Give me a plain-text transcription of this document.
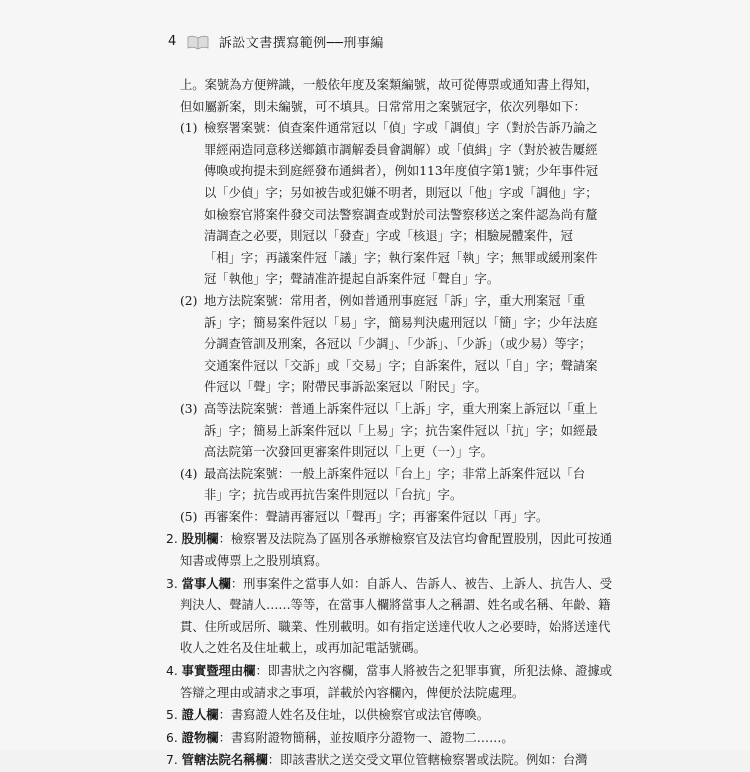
4	訴訟文書撰寫範例──刑事編

上。案號為方便辨識，一般依年度及案類編號，故可從傳票或通知書上得知，但如屬新案，則未編號，可不填具。日常常用之案號冠字，依次列舉如下：

(1) 檢察署案號：偵查案件通常冠以「偵」字或「調偵」字（對於告訴乃論之罪經兩造同意移送鄉鎮市調解委員會調解）或「偵緝」字（對於被告屢經傳喚或拘提未到庭經發布通緝者），例如113年度偵字第1號；少年事件冠以「少偵」字；另如被告或犯嫌不明者，則冠以「他」字或「調他」字；如檢察官將案件發交司法警察調查或對於司法警察移送之案件認為尚有釐清調查之必要，則冠以「發查」字或「核退」字；相驗屍體案件，冠「相」字；再議案件冠「議」字；執行案件冠「執」字；無罪或緩刑案件冠「執他」字；聲請准許提起自訴案件冠「聲自」字。

(2) 地方法院案號：常用者，例如普通刑事庭冠「訴」字，重大刑案冠「重訴」字；簡易案件冠以「易」字，簡易判決處刑冠以「簡」字；少年法庭分調查管訓及刑案，各冠以「少調」、「少訴」、「少訴」（或少易）等字；交通案件冠以「交訴」或「交易」字；自訴案件，冠以「自」字；聲請案件冠以「聲」字；附帶民事訴訟案冠以「附民」字。

(3) 高等法院案號：普通上訴案件冠以「上訴」字，重大刑案上訴冠以「重上訴」字；簡易上訴案件冠以「上易」字；抗告案件冠以「抗」字；如經最高法院第一次發回更審案件則冠以「上更（一）」字。

(4) 最高法院案號：一般上訴案件冠以「台上」字；非常上訴案件冠以「台非」字；抗告或再抗告案件則冠以「台抗」字。

(5) 再審案件：聲請再審冠以「聲再」字；再審案件冠以「再」字。

2. 股別欄：檢察署及法院為了區別各承辦檢察官及法官均會配置股別，因此可按通知書或傳票上之股別填寫。

3. 當事人欄：刑事案件之當事人如：自訴人、告訴人、被告、上訴人、抗告人、受判決人、聲請人……等等，在當事人欄將當事人之稱謂、姓名或名稱、年齡、籍貫、住所或居所、職業、性別載明。如有指定送達代收人之必要時，始將送達代收人之姓名及住址載上，或再加記電話號碼。

4. 事實暨理由欄：即書狀之內容欄，當事人將被告之犯罪事實，所犯法條、證據或答辯之理由或請求之事項，詳載於內容欄內，俾便於法院處理。

5. 證人欄：書寫證人姓名及住址，以供檢察官或法官傳喚。

6. 證物欄：書寫附證物簡稱，並按順序分證物一、證物二……。

7. 管轄法院名稱欄：即該書狀之送交受文單位管轄檢察署或法院。例如：台灣
